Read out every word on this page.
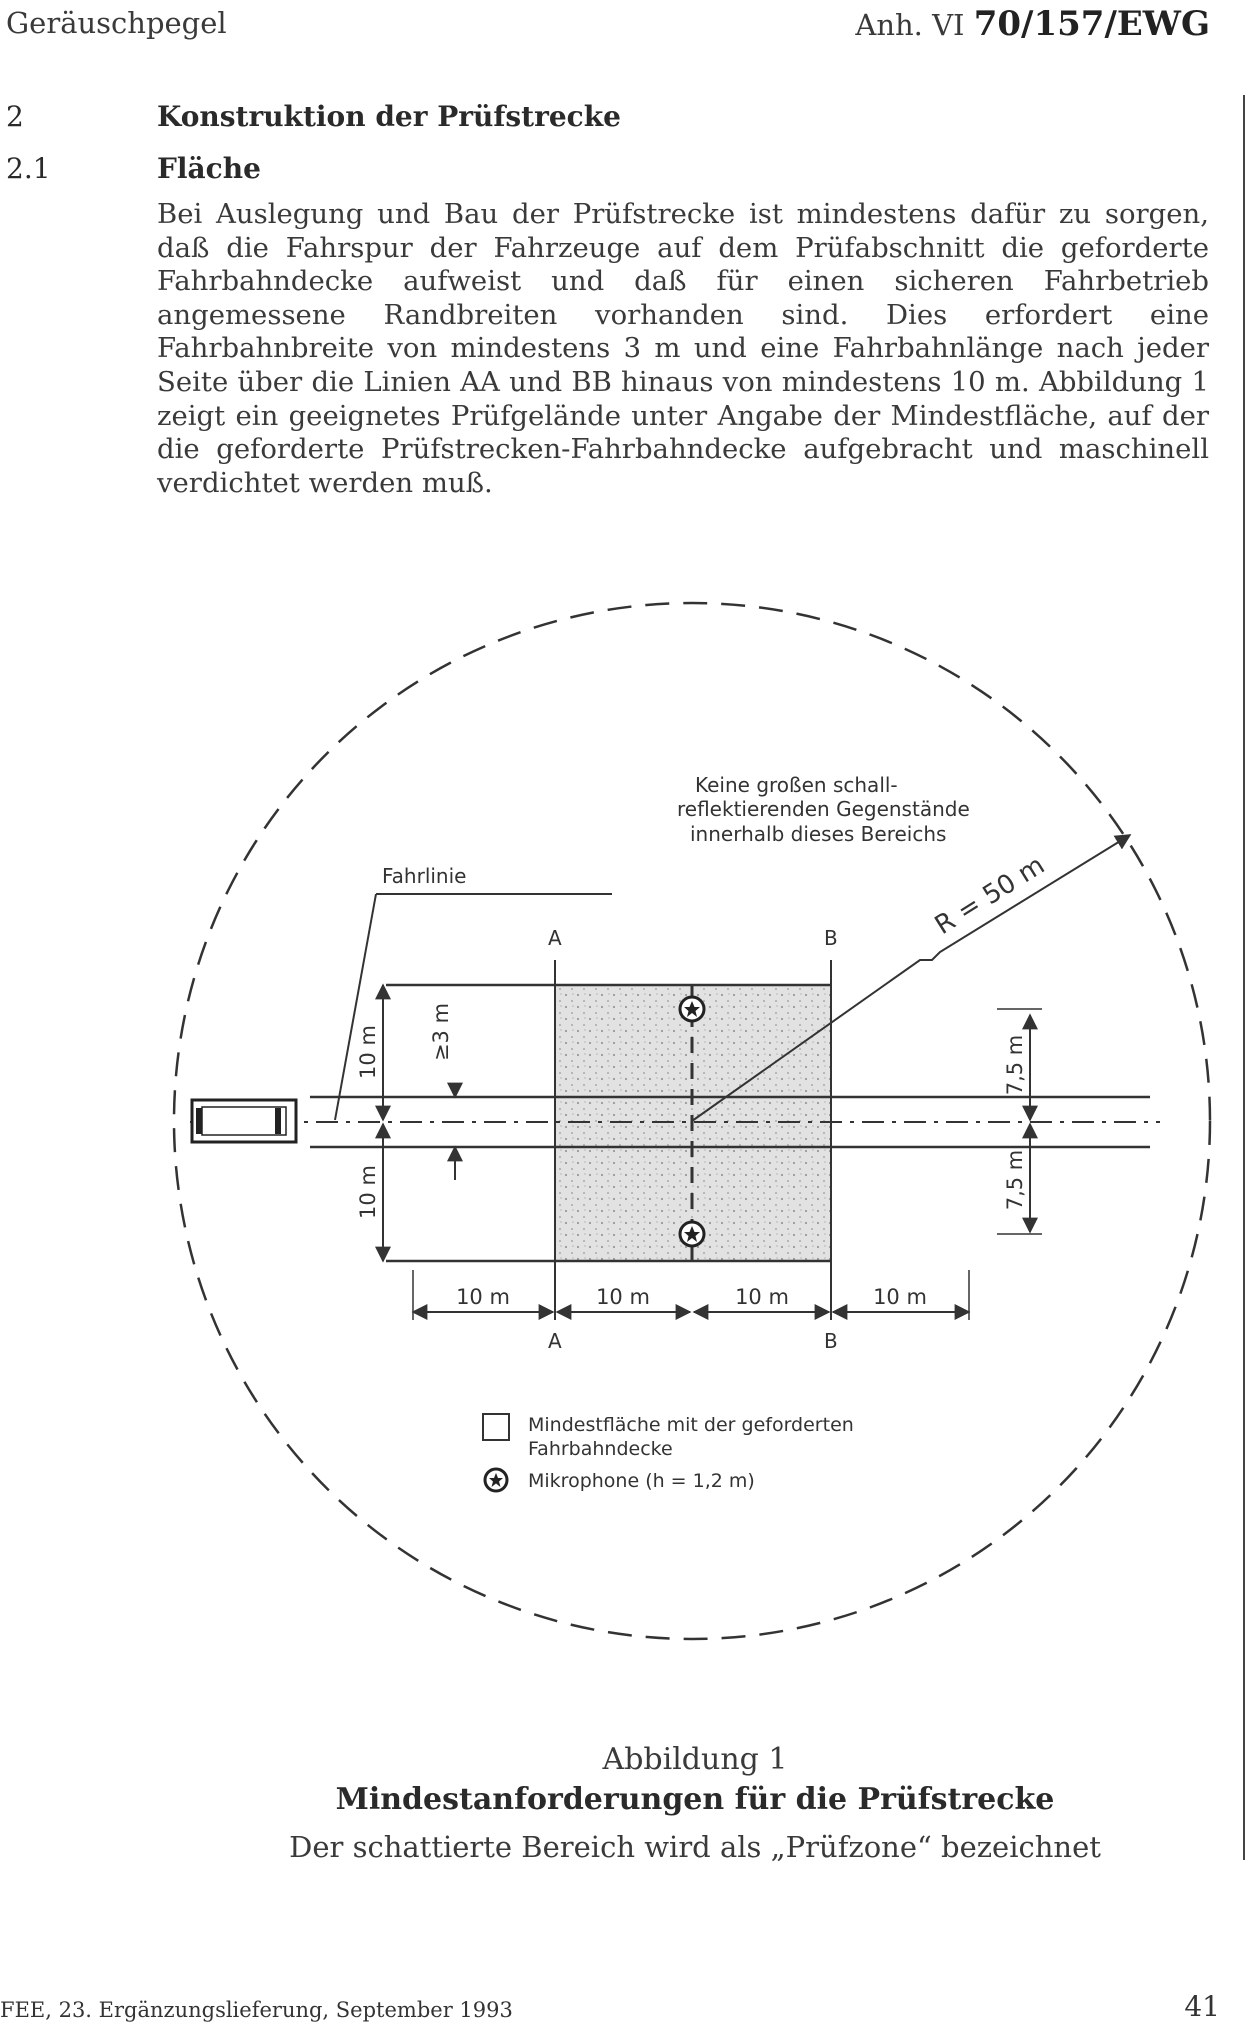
Geräuschpegel	Anh. VI 70/157/EWG
2	Konstruktion der Prüfstrecke
2.1	Fläche
Bei Auslegung und Bau der Prüfstrecke ist mindestens dafür zu sorgen, daß die Fahrspur der Fahrzeuge auf dem Prüfabschnitt die geforderte Fahrbahndecke aufweist und daß für einen sicheren Fahrbetrieb angemessene Randbreiten vorhanden sind. Dies erfordert eine Fahrbahnbreite von mindestens 3 m und eine Fahrbahnlänge nach jeder Seite über die Linien AA und BB hinaus von mindestens 10 m. Abbildung 1 zeigt ein geeignetes Prüfgelände unter Angabe der Mindestfläche, auf der die geforderte Prüfstrecken-Fahrbahndecke aufgebracht und maschinell verdichtet werden muß.
Fahrlinie
Keine großen schall-
reflektierenden Gegenstände
innerhalb dieses Bereichs
R = 50 m
A	B
A	B
10 m
10 m
≥3 m
7,5 m
7,5 m
10 m	10 m	10 m	10 m
Mindestfläche mit der geforderten
Fahrbahndecke
Mikrophone (h = 1,2 m)
Abbildung 1
Mindestanforderungen für die Prüfstrecke
Der schattierte Bereich wird als „Prüfzone“ bezeichnet
FEE, 23. Ergänzungslieferung, September 1993	41
